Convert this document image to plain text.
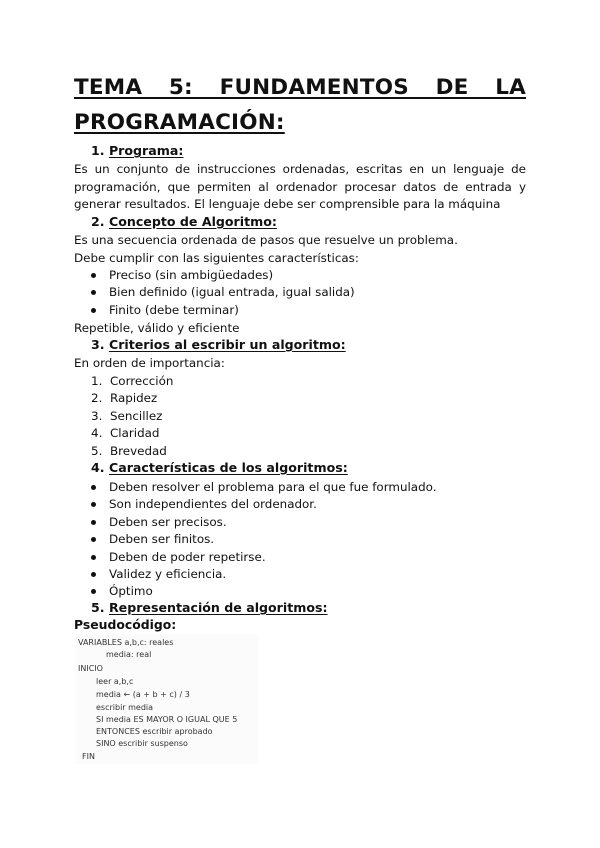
TEMA 5: FUNDAMENTOS DE LA
PROGRAMACIÓN:
1. Programa:
Es un conjunto de instrucciones ordenadas, escritas en un lenguaje de programación, que permiten al ordenador procesar datos de entrada y generar resultados. El lenguaje debe ser comprensible para la máquina
2. Concepto de Algoritmo:
Es una secuencia ordenada de pasos que resuelve un problema.
Debe cumplir con las siguientes características:
Preciso (sin ambigüedades)
Bien definido (igual entrada, igual salida)
Finito (debe terminar)
Repetible, válido y eficiente
3. Criterios al escribir un algoritmo:
En orden de importancia:
1. Corrección
2. Rapidez
3. Sencillez
4. Claridad
5. Brevedad
4. Características de los algoritmos:
Deben resolver el problema para el que fue formulado.
Son independientes del ordenador.
Deben ser precisos.
Deben ser finitos.
Deben de poder repetirse.
Validez y eficiencia.
Óptimo
5. Representación de algoritmos:
Pseudocódigo:
VARIABLES a,b,c: reales
media: real
INICIO
leer a,b,c
media ← (a + b + c) / 3
escribir media
SI media ES MAYOR O IGUAL QUE 5
ENTONCES escribir aprobado
SINO escribir suspenso
FIN
